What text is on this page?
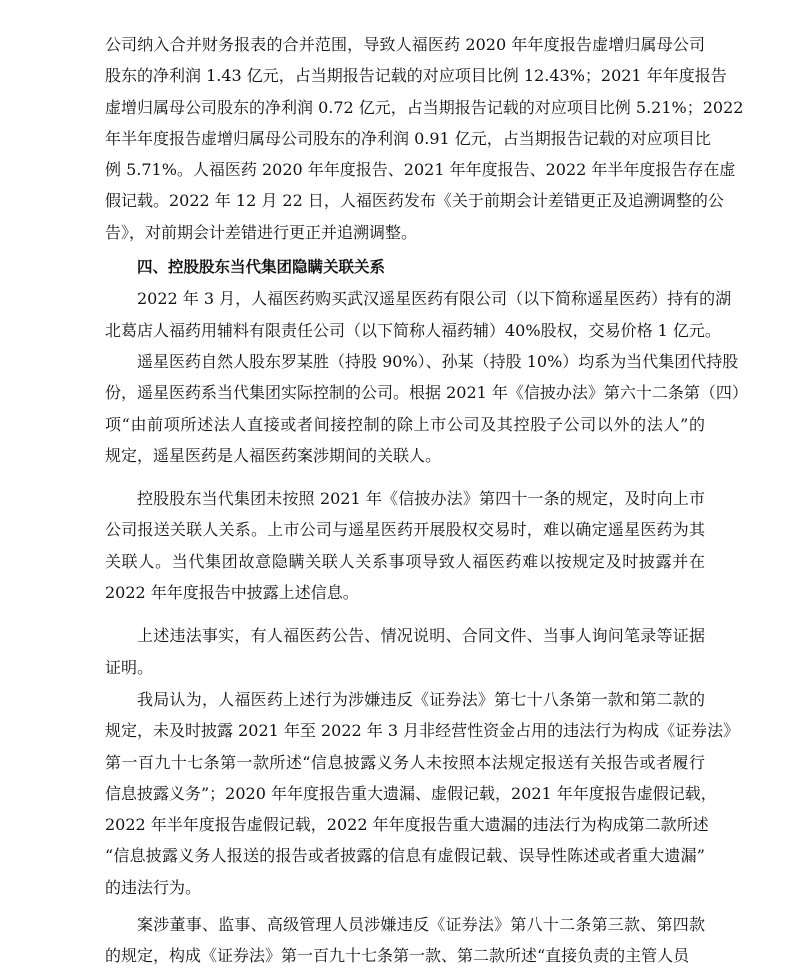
公司纳入合并财务报表的合并范围，导致人福医药 2020 年年度报告虚增归属母公司
股东的净利润 1.43 亿元，占当期报告记载的对应项目比例 12.43%；2021 年年度报告
虚增归属母公司股东的净利润 0.72 亿元，占当期报告记载的对应项目比例 5.21%；2022
年半年度报告虚增归属母公司股东的净利润 0.91 亿元，占当期报告记载的对应项目比
例 5.71%。人福医药 2020 年年度报告、2021 年年度报告、2022 年半年度报告存在虚
假记载。2022 年 12 月 22 日，人福医药发布《关于前期会计差错更正及追溯调整的公
告》，对前期会计差错进行更正并追溯调整。
四、控股股东当代集团隐瞒关联关系
2022 年 3 月，人福医药购买武汉遥星医药有限公司（以下简称遥星医药）持有的湖
北葛店人福药用辅料有限责任公司（以下简称人福药辅）40%股权，交易价格 1 亿元。
遥星医药自然人股东罗某胜（持股 90%）、孙某（持股 10%）均系为当代集团代持股
份，遥星医药系当代集团实际控制的公司。根据 2021 年《信披办法》第六十二条第（四）
项“由前项所述法人直接或者间接控制的除上市公司及其控股子公司以外的法人”的
规定，遥星医药是人福医药案涉期间的关联人。
控股股东当代集团未按照 2021 年《信披办法》第四十一条的规定，及时向上市
公司报送关联人关系。上市公司与遥星医药开展股权交易时，难以确定遥星医药为其
关联人。当代集团故意隐瞒关联人关系事项导致人福医药难以按规定及时披露并在
2022 年年度报告中披露上述信息。
上述违法事实，有人福医药公告、情况说明、合同文件、当事人询问笔录等证据
证明。
我局认为，人福医药上述行为涉嫌违反《证券法》第七十八条第一款和第二款的
规定，未及时披露 2021 年至 2022 年 3 月非经营性资金占用的违法行为构成《证券法》
第一百九十七条第一款所述“信息披露义务人未按照本法规定报送有关报告或者履行
信息披露义务”；2020 年年度报告重大遗漏、虚假记载，2021 年年度报告虚假记载，
2022 年半年度报告虚假记载，2022 年年度报告重大遗漏的违法行为构成第二款所述
“信息披露义务人报送的报告或者披露的信息有虚假记载、误导性陈述或者重大遗漏”
的违法行为。
案涉董事、监事、高级管理人员涉嫌违反《证券法》第八十二条第三款、第四款
的规定，构成《证券法》第一百九十七条第一款、第二款所述“直接负责的主管人员
